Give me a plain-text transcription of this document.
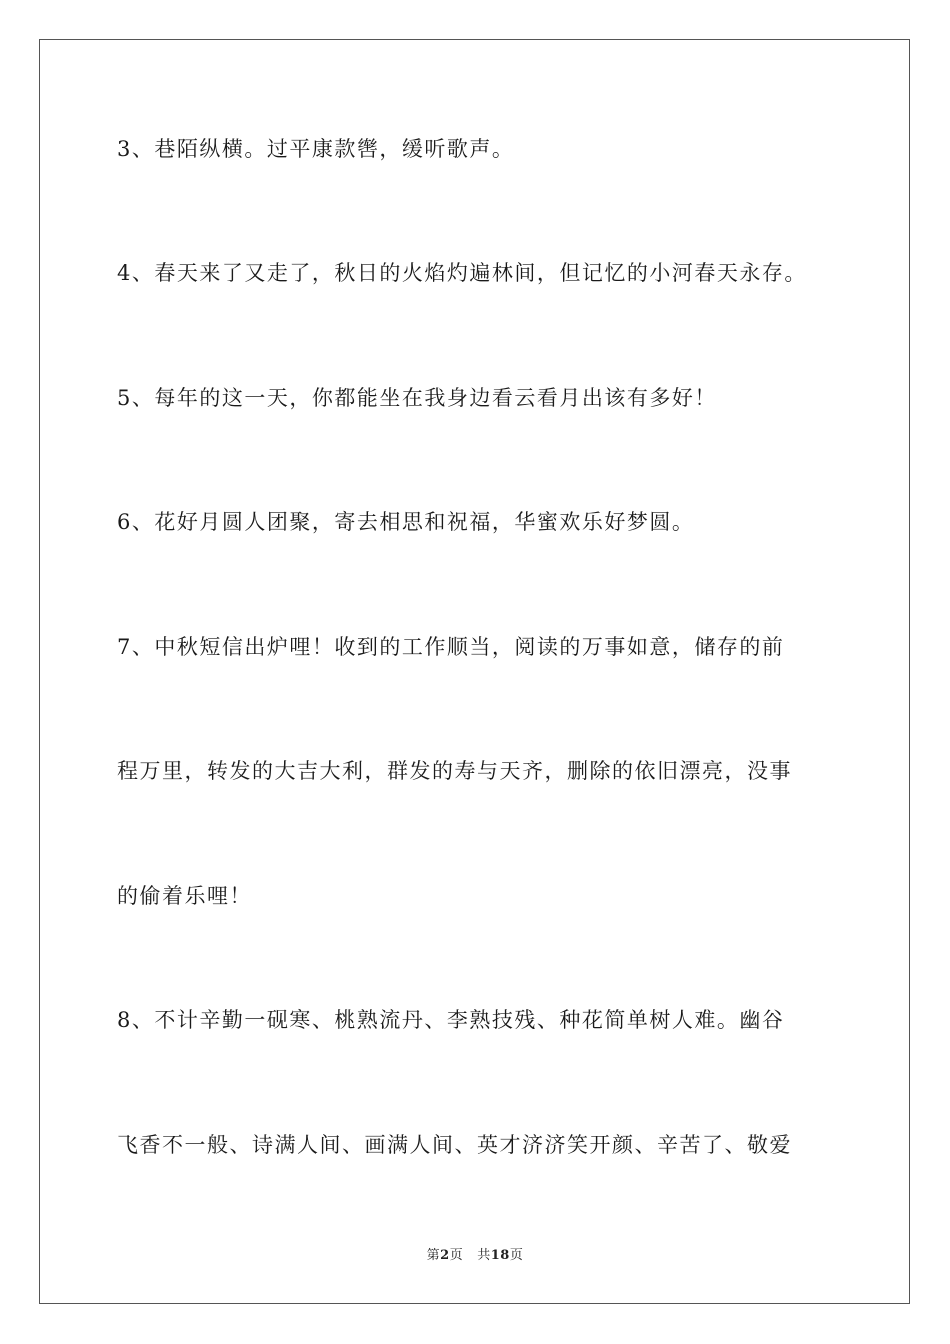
3、巷陌纵横。过平康款辔，缓听歌声。
4、春天来了又走了，秋日的火焰灼遍林间，但记忆的小河春天永存。
5、每年的这一天，你都能坐在我身边看云看月出该有多好！
6、花好月圆人团聚，寄去相思和祝福，华蜜欢乐好梦圆。
7、中秋短信出炉哩！收到的工作顺当，阅读的万事如意，储存的前
程万里，转发的大吉大利，群发的寿与天齐，删除的依旧漂亮，没事
的偷着乐哩！
8、不计辛勤一砚寒、桃熟流丹、李熟技残、种花简单树人难。幽谷
飞香不一般、诗满人间、画满人间、英才济济笑开颜、辛苦了、敬爱
第2页 共18页
